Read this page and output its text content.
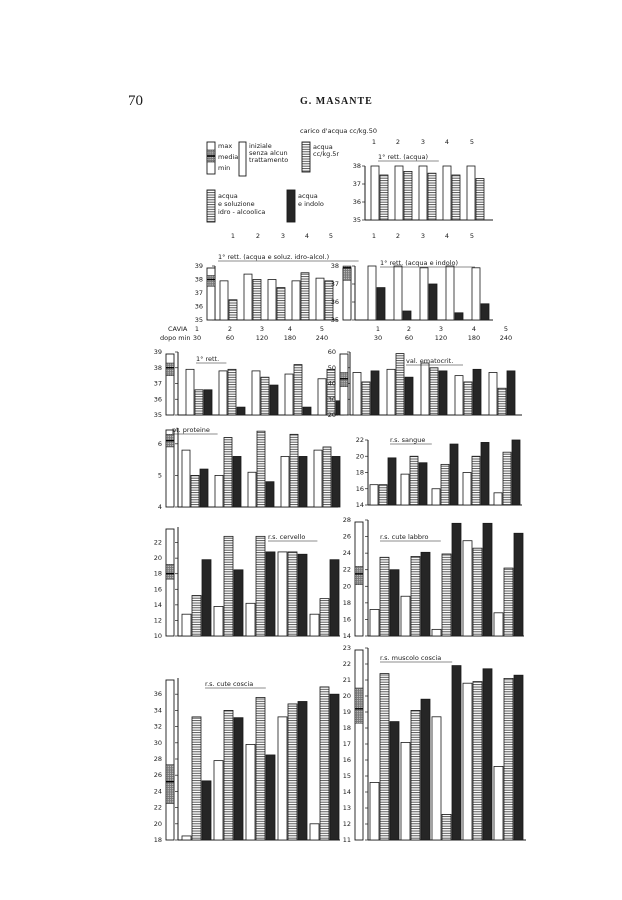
70	G. MASANTE
max
media
min
iniziale senza alcun trattamento
acqua cc/kg.5r
acqua e soluzione idro - alcoolica
acqua e indolo
carico d'acqua cc/kg.50
CAVIA
dopo min
35
36
37
38
1° rett. (acqua)
35
36
37
38
39
1° rett. (acqua e soluz. idro-alcol.)
35
36
37
38	1° rett. (acqua e indolo)
35
36
37
38
39
1° rett.
20
30
40
50
60
val. ematocrit.
4
5
6
pt. proteine
14
16
18
20
22	r.s. sangue
10
12
14
16
18
20
22
r.s. cervello
14
16
18
20
22
24
26
28
r.s. cute labbro
18
20
22
24
26
28
30
32
34
36
r.s. cute coscia
11
12
13
14
15
16
17
18
19
20
21
22
23
r.s. muscolo coscia
1	2	3	4	5
1	2	3	4	5
1	2	3	4	5
1	2	3	4	5
30	60	120 180	240
1	2	3	4	5
30	60	120	180	240
